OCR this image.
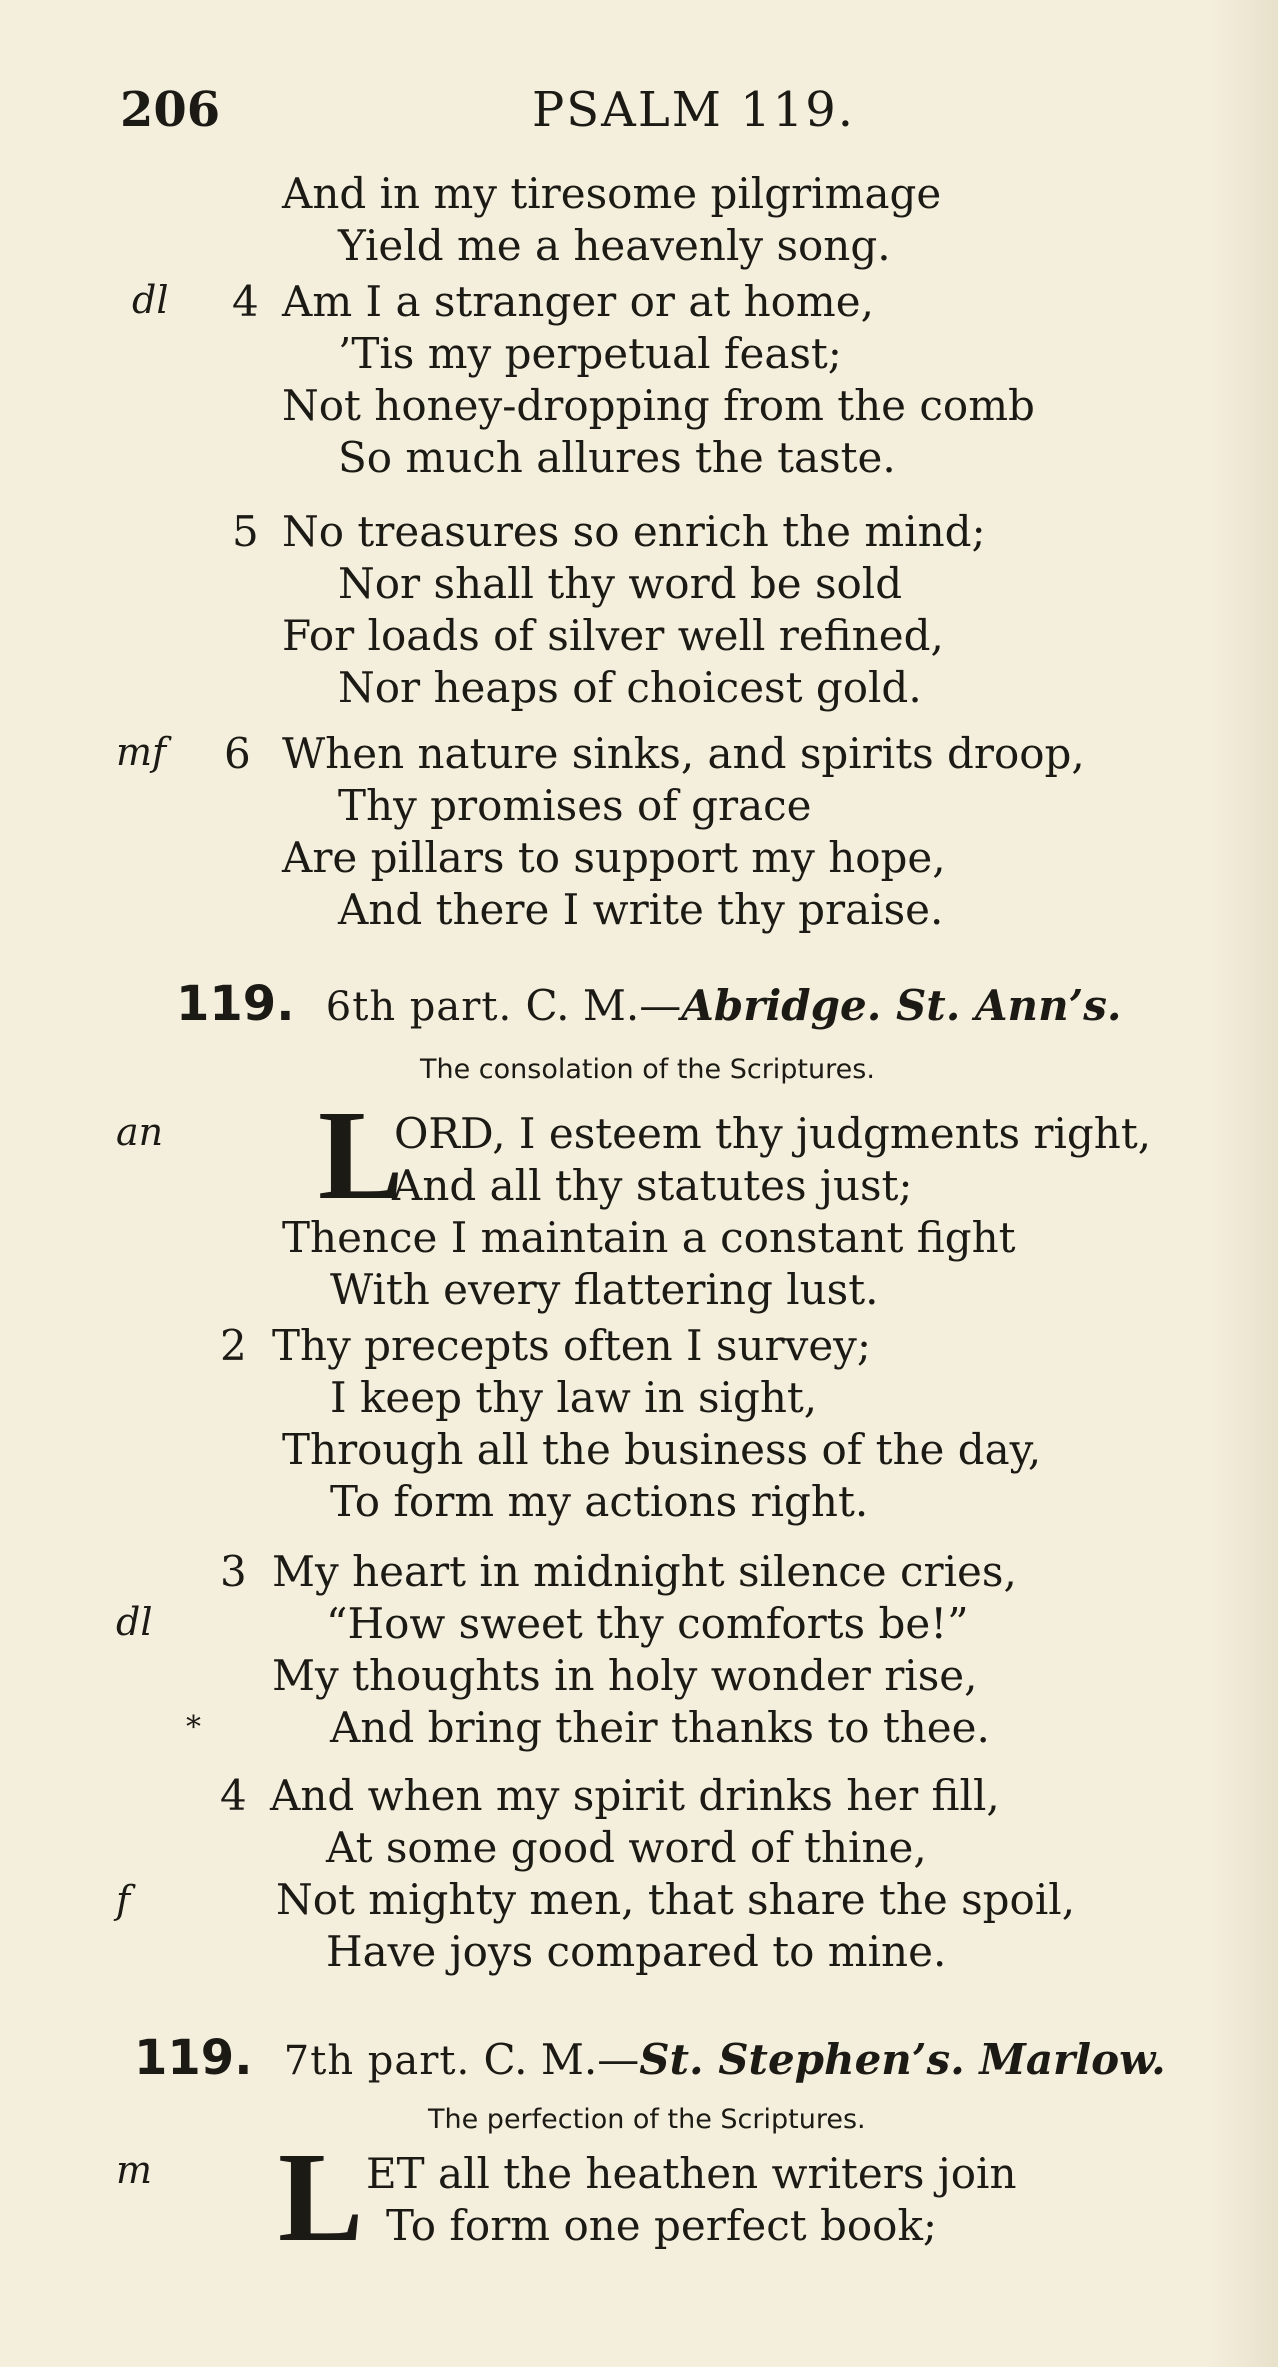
206	PSALM 119.
And in my tiresome pilgrimage
Yield me a heavenly song.
dl 4 Am I a stranger or at home,
’Tis my perpetual feast;
Not honey-dropping from the comb
So much allures the taste.
5 No treasures so enrich the mind;
Nor shall thy word be sold
For loads of silver well refined,
Nor heaps of choicest gold.
mf 6 When nature sinks, and spirits droop,
Thy promises of grace
Are pillars to support my hope,
And there I write thy praise.
119. 6th part. C. M.—Abridge. St. Ann’s.
The consolation of the Scriptures.
an L
ORD, I esteem thy judgments right,
And all thy statutes just;
Thence I maintain a constant fight
With every flattering lust.
2 Thy precepts often I survey;
I keep thy law in sight,
Through all the business of the day,
To form my actions right.
3 My heart in midnight silence cries,
dl	“How sweet thy comforts be!”
My thoughts in holy wonder rise,
*	And bring their thanks to thee.
4 And when my spirit drinks her fill,
At some good word of thine,
f	Not mighty men, that share the spoil,
Have joys compared to mine.
119. 7th part. C. M.—St. Stephen’s. Marlow.
The perfection of the Scriptures.
m L ET all the heathen writers join
To form one perfect book;
